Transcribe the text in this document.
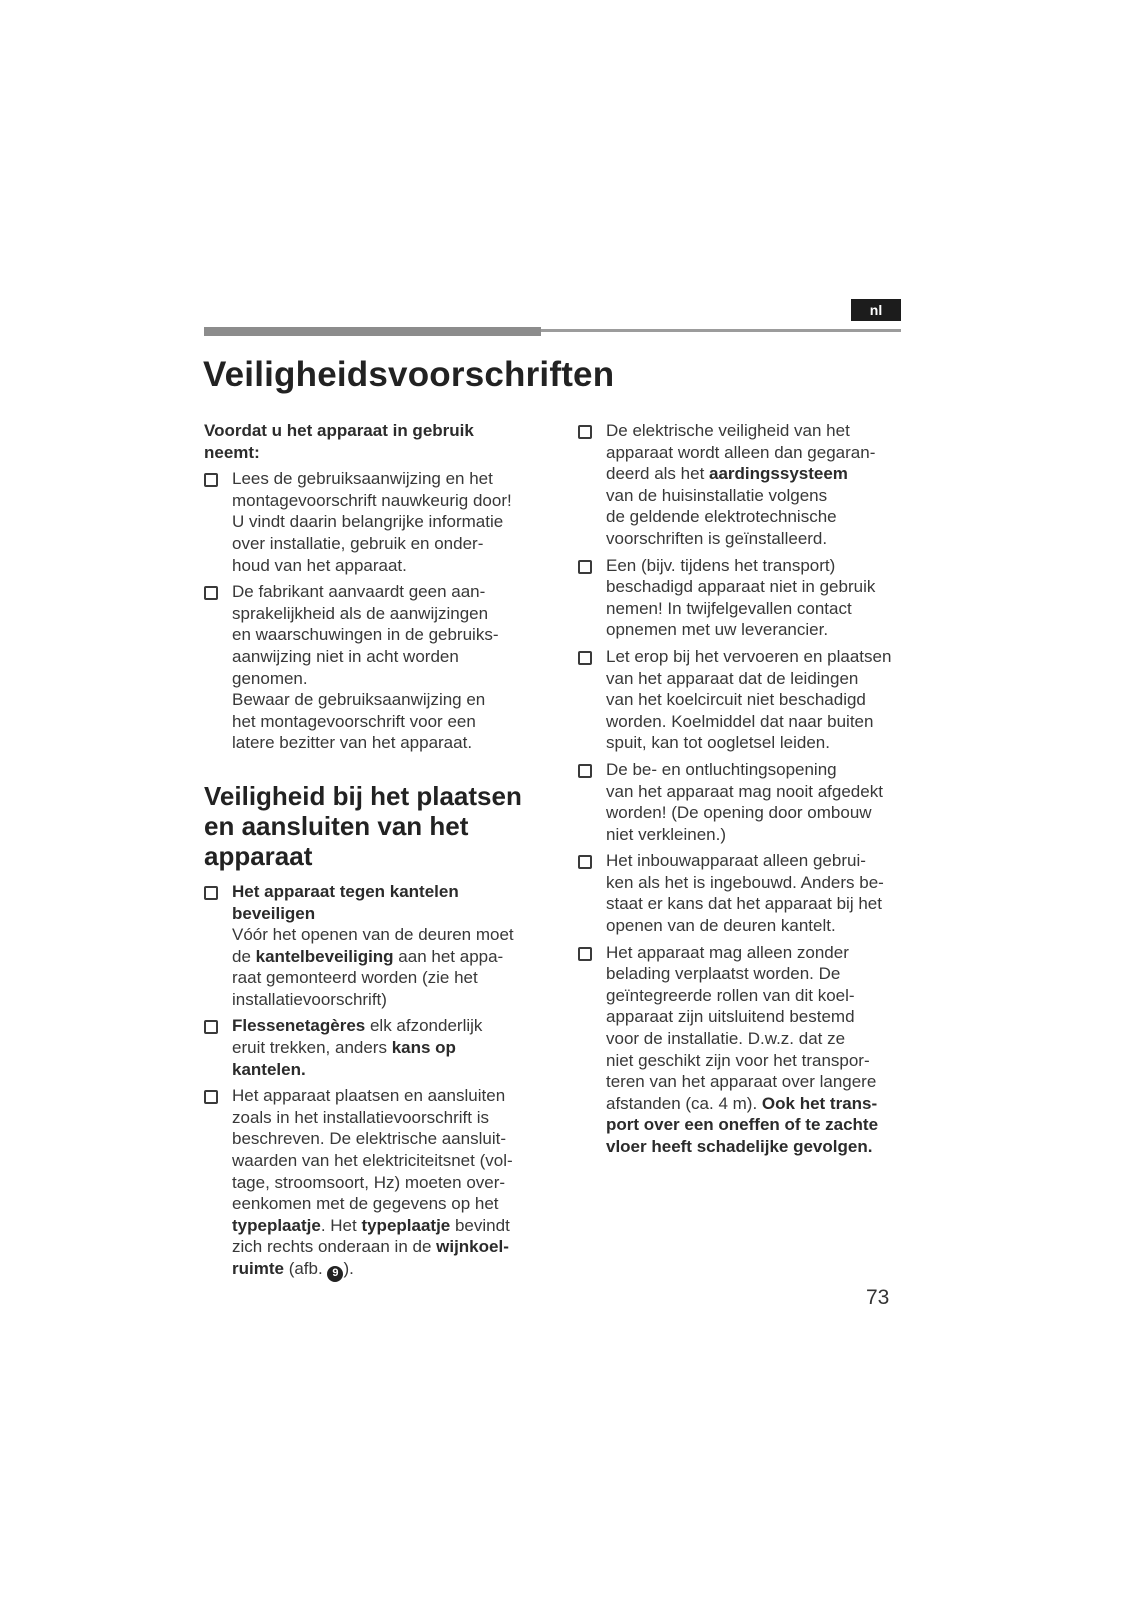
nl
Veiligheidsvoorschriften
Voordat u het apparaat in gebruik
neemt:
Lees de gebruiksaanwijzing en het
montagevoorschrift nauwkeurig door!
U vindt daarin belangrijke informatie
over installatie, gebruik en onder-
houd van het apparaat.
De fabrikant aanvaardt geen aan-
sprakelijkheid als de aanwijzingen
en waarschuwingen in de gebruiks-
aanwijzing niet in acht worden
genomen.
Bewaar de gebruiksaanwijzing en
het montagevoorschrift voor een
latere bezitter van het apparaat.
Veiligheid bij het plaatsen
en aansluiten van het
apparaat
Het apparaat tegen kantelen
beveiligen
Vóór het openen van de deuren moet
de kantelbeveiliging aan het appa-
raat gemonteerd worden (zie het
installatievoorschrift)
Flessenetagères elk afzonderlijk
eruit trekken, anders kans op
kantelen.
Het apparaat plaatsen en aansluiten
zoals in het installatievoorschrift is
beschreven. De elektrische aansluit-
waarden van het elektriciteitsnet (vol-
tage, stroomsoort, Hz) moeten over-
eenkomen met de gegevens op het
typeplaatje. Het typeplaatje bevindt
zich rechts onderaan in de wijnkoel-
ruimte (afb. 9 ).
De elektrische veiligheid van het
apparaat wordt alleen dan gegaran-
deerd als het aardingssysteem
van de huisinstallatie volgens
de geldende elektrotechnische
voorschriften is geïnstalleerd.
Een (bijv. tijdens het transport)
beschadigd apparaat niet in gebruik
nemen! In twijfelgevallen contact
opnemen met uw leverancier.
Let erop bij het vervoeren en plaatsen
van het apparaat dat de leidingen
van het koelcircuit niet beschadigd
worden. Koelmiddel dat naar buiten
spuit, kan tot oogletsel leiden.
De be- en ontluchtingsopening
van het apparaat mag nooit afgedekt
worden! (De opening door ombouw
niet verkleinen.)
Het inbouwapparaat alleen gebrui-
ken als het is ingebouwd. Anders be-
staat er kans dat het apparaat bij het
openen van de deuren kantelt.
Het apparaat mag alleen zonder
belading verplaatst worden. De
geïntegreerde rollen van dit koel-
apparaat zijn uitsluitend bestemd
voor de installatie. D.w.z. dat ze
niet geschikt zijn voor het transpor-
teren van het apparaat over langere
afstanden (ca. 4 m). Ook het trans-
port over een oneffen of te zachte
vloer heeft schadelijke gevolgen.
73
